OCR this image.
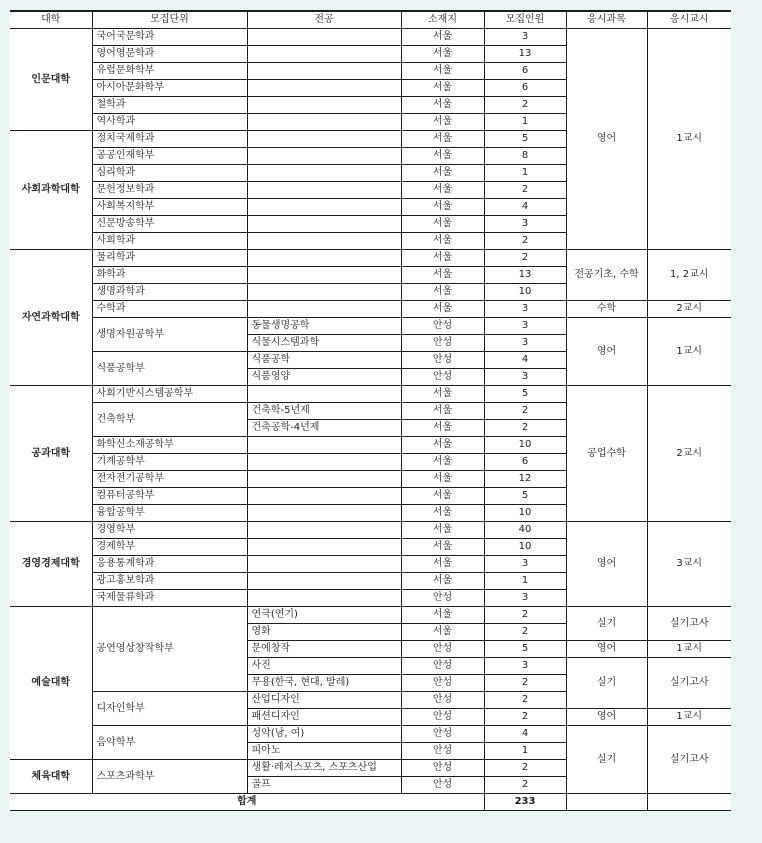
대학	모집단위	전공	소재지	모집인원	응시과목	응시교시
인문대학	국어국문학과		서울	3	영어	1교시
	영어영문학과		서울	13		
	유럽문화학부		서울	6		
	아시아문화학부		서울	6		
	철학과		서울	2		
	역사학과		서울	1		
사회과학대학	정치국제학과		서울	5		
	공공인재학부		서울	8		
	심리학과		서울	1		
	문헌정보학과		서울	2		
	사회복지학부		서울	4		
	신문방송학부		서울	3		
	사회학과		서울	2		
자연과학대학	물리학과		서울	2	전공기초, 수학	1, 2교시
	화학과		서울	13		
	생명과학과		서울	10		
	수학과		서울	3	수학	2교시
	생명자원공학부	동물생명공학	안성	3	영어	1교시
		식물시스템과학	안성	3		
	식품공학부	식품공학	안성	4		
		식품영양	안성	3		
공과대학	사회기반시스템공학부		서울	5	공업수학	2교시
	건축학부	건축학-5년제	서울	2		
		건축공학-4년제	서울	2		
	화학신소재공학부		서울	10		
	기계공학부		서울	6		
	전자전기공학부		서울	12		
	컴퓨터공학부		서울	5		
	융합공학부		서울	10		
경영경제대학	경영학부		서울	40	영어	3교시
	경제학부		서울	10		
	응용통계학과		서울	3		
	광고홍보학과		서울	1		
	국제물류학과		안성	3		
예술대학	공연영상창작학부	연극(연기)	서울	2	실기	실기고사
		영화	서울	2		
		문예창작	안성	5	영어	1교시
		사진	안성	3	실기	실기고사
		무용(한국, 현대, 발레)	안성	2		
	디자인학부	산업디자인	안성	2		
		패션디자인	안성	2	영어	1교시
	음악학부	성악(남, 여)	안성	4	실기	실기고사
		피아노	안성	1		
체육대학	스포츠과학부	생활·레저스포츠, 스포츠산업	안성	2		
		골프	안성	2		
합계				233		
